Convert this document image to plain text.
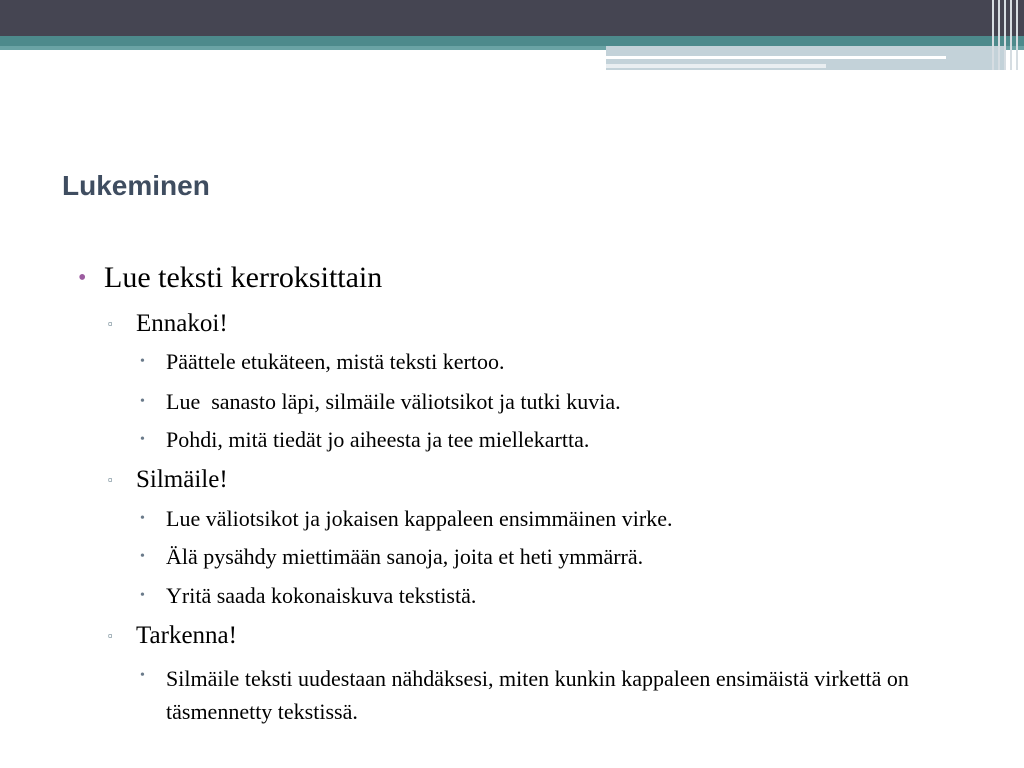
Lukeminen
• Lue teksti kerroksittain
▫ Ennakoi!
• Päättele etukäteen, mistä teksti kertoo.
• Lue  sanasto läpi, silmäile väliotsikot ja tutki kuvia.
• Pohdi, mitä tiedät jo aiheesta ja tee miellekartta.
▫ Silmäile!
• Lue väliotsikot ja jokaisen kappaleen ensimmäinen virke.
• Älä pysähdy miettimään sanoja, joita et heti ymmärrä.
• Yritä saada kokonaiskuva tekstistä.
▫ Tarkenna!
• Silmäile teksti uudestaan nähdäksesi, miten kunkin kappaleen ensimäistä virkettä on täsmennetty tekstissä.
